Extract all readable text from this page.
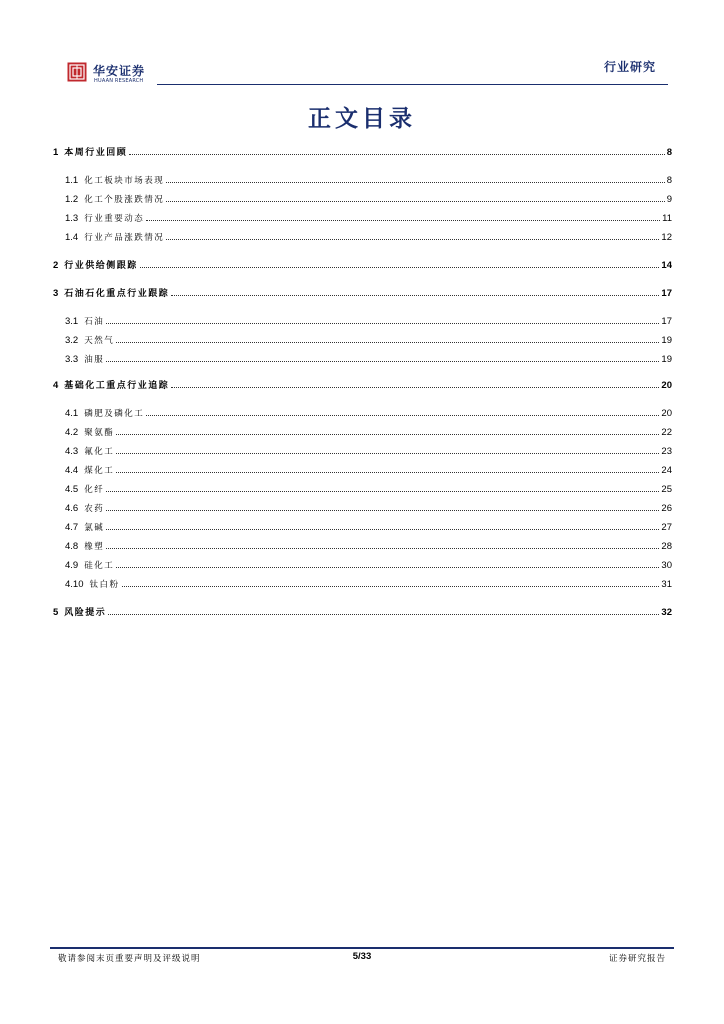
华安证券
HUAAN RESEARCH
行业研究
正文目录
1 本周行业回顾	8
1.1 化工板块市场表现	8
1.2 化工个股涨跌情况	9
1.3 行业重要动态	11
1.4 行业产品涨跌情况	12
2 行业供给侧跟踪	14
3 石油石化重点行业跟踪	17
3.1 石油	17
3.2 天然气	19
3.3 油服	19
4 基础化工重点行业追踪	20
4.1 磷肥及磷化工	20
4.2 聚氨酯	22
4.3 氟化工	23
4.4 煤化工	24
4.5 化纤	25
4.6 农药	26
4.7 氯碱	27
4.8 橡塑	28
4.9 硅化工	30
4.10 钛白粉	31
5 风险提示	32
敬请参阅末页重要声明及评级说明	5/33	证券研究报告
